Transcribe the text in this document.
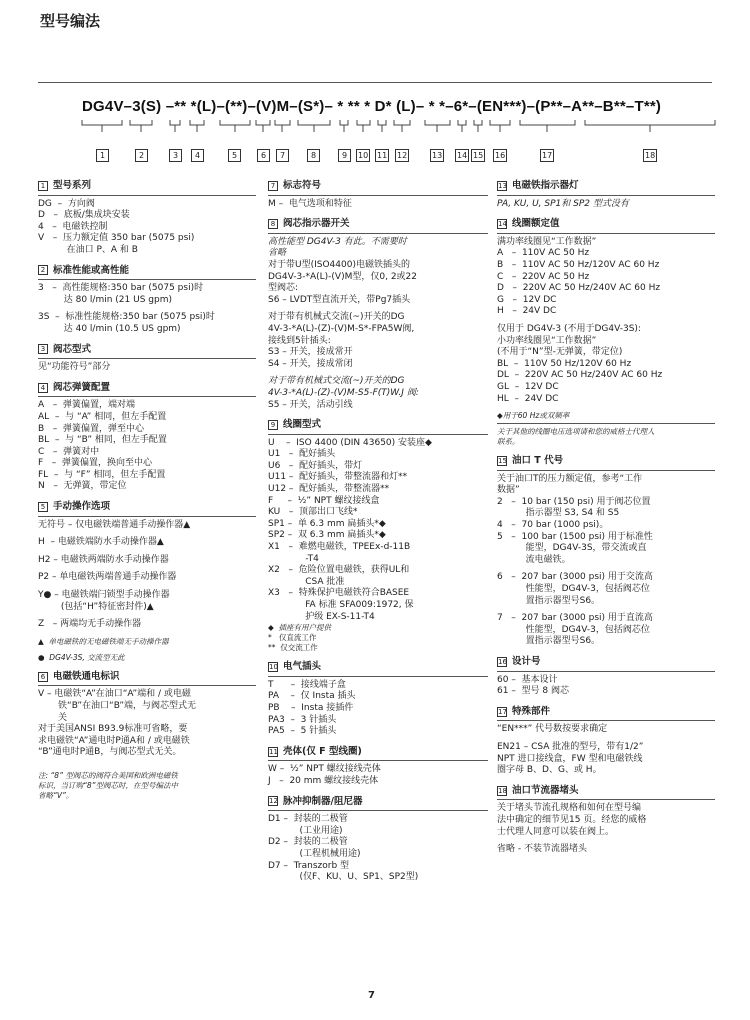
型号编法
DG4V–3(S) –** *(L)–(**)–(V)M–(S*)– * ** * D* (L)– * *–6*–(EN***)–(P**–A**–B**–T**)
1	2	3	4	5	6	7	8	9	10 11 12	13 14 15 16	17	18
1 型号系列
DG  –  方向阀
D   –  底板/集成块安装
4   –  电磁铁控制
V   –  压力额定值 350 bar (5075 psi)
在油口 P、A 和 B
2 标准性能或高性能
3   –  高性能规格:350 bar (5075 psi)时
达 80 l/min (21 US gpm)
3S  –  标准性能规格:350 bar (5075 psi)时
达 40 l/min (10.5 US gpm)
3 阀芯型式
见“功能符号”部分
4 阀芯弹簧配置
A   –  弹簧偏置，端对端
AL  –  与 “A” 相同，但左手配置
B   –  弹簧偏置，弹至中心
BL  –  与 “B” 相同，但左手配置
C   –  弹簧对中
F   –  弹簧偏置，换向至中心
FL  –  与 “F” 相同，但左手配置
N   –  无弹簧，带定位
5 手动操作选项
无符号 – 仅电磁铁端普通手动操作器▲
H  – 电磁铁端防水手动操作器▲
H2 – 电磁铁两端防水手动操作器
P2 – 单电磁铁两端普通手动操作器
Y● – 电磁铁端闩锁型手动操作器
(包括“H”特征密封件)▲
Z   – 两端均无手动操作器
▲  单电磁铁的无电磁铁端无手动操作器
●  DG4V-3S, 交流型无此
6 电磁铁通电标识
V – 电磁铁“A”在油口“A”端和 / 或电磁
铁“B”在油口“B”端，与阀芯型式无
关
对于美国ANSI B93.9标准可省略，要
求电磁铁“A”通电时P通A和 / 或电磁铁
“B”通电时P通B，与阀芯型式无关。
注: “8” 型阀芯的阀符合美国和欧洲电磁铁
标识，当订购“8”型阀芯时，在型号编法中
省略“V”。
7 标志符号
M –  电气选项和特征
8 阀芯指示器开关
高性能型 DG4V-3 有此。不需要时
省略
对于带U型(ISO4400)电磁铁插头的
DG4V-3-*A(L)-(V)M型，仅0, 2或22
型阀芯:
S6 – LVDT型直流开关，带Pg7插头
对于带有机械式交流(~)开关的DG
4V-3-*A(L)-(Z)-(V)M-S*-FPA5W阀,
接线到5针插头:
S3 – 开关，接成常开
S4 – 开关，接成常闭
对于带有机械式交流(~)开关的DG
4V-3-*A(L)-(Z)-(V)M-S5-F(T)W.J 阀:
S5 – 开关，活动引线
9 线圈型式
U    –  ISO 4400 (DIN 43650) 安装座◆
U1   –  配好插头
U6   –  配好插头，带灯
U11 –  配好插头，带整流器和灯**
U12 –  配好插头，带整流器**
F     –  ½” NPT 螺纹接线盒
KU   –  顶部出口飞线*
SP1 –  单 6.3 mm 扁插头*◆
SP2 –  双 6.3 mm 扁插头*◆
X1   –  难燃电磁铁，TPEEx-d-11B
-T4
X2   –  危险位置电磁铁，获得UL和
CSA 批准
X3   –  特殊保护电磁铁符合BASEE
FA 标准 SFA009:1972, 保
护级 EX-S-11-T4
◆  插座有用户提供
*   仅直流工作
**  仅交流工作
10 电气插头
T      –  接线端子盒
PA    –  仅 Insta 插头
PB    –  Insta 接插件
PA3  –  3 针插头
PA5  –  5 针插头
11 壳体(仅 F 型线圈)
W –  ½” NPT 螺纹接线壳体
J   –  20 mm 螺纹接线壳体
12 脉冲抑制器/阻尼器
D1 –  封装的二极管
(工业用途)
D2 –  封装的二极管
(工程机械用途)
D7 –  Transzorb 型
(仅F、KU、U、SP1、SP2型)
13 电磁铁指示器灯
PA, KU, U, SP1和 SP2 型式没有
14 线圈额定值
满功率线圈见“工作数据”
A   –  110V AC 50 Hz
B   –  110V AC 50 Hz/120V AC 60 Hz
C   –  220V AC 50 Hz
D   –  220V AC 50 Hz/240V AC 60 Hz
G   –  12V DC
H   –  24V DC
仅用于 DG4V-3 (不用于DG4V-3S):
小功率线圈见“工作数据”
(不用于“N”型-无弹簧，带定位)
BL  –  110V 50 Hz/120V 60 Hz
DL  –  220V AC 50 Hz/240V AC 60 Hz
GL  –  12V DC
HL  –  24V DC
◆用于60 Hz或双频率
关于其他的线圈电压选项请和您的威格士代理人
联系。
15 油口 T 代号
关于油口T的压力额定值，参考“工作
数据”
2   –  10 bar (150 psi) 用于阀芯位置
指示器型 S3, S4 和 S5
4   –  70 bar (1000 psi)。
5   –  100 bar (1500 psi) 用于标准性
能型，DG4V-3S，带交流或直
流电磁铁。
6   –  207 bar (3000 psi) 用于交流高
性能型，DG4V-3，包括阀芯位
置指示器型号S6。
7   –  207 bar (3000 psi) 用于直流高
性能型，DG4V-3，包括阀芯位
置指示器型号S6。
16 设计号
60 –  基本设计
61 –  型号 8 阀芯
17 特殊部件
“EN***” 代号数按要求确定
EN21 – CSA 批准的型号，带有1/2”
NPT 进口接线盒，FW 型和电磁铁线
圈字母 B、D、G、或 H。
18 油口节流器堵头
关于堵头节流孔规格和如何在型号编
法中确定的细节见15 页。经您的威格
士代理人同意可以装在阀上。
省略 - 不装节流器堵头
7
